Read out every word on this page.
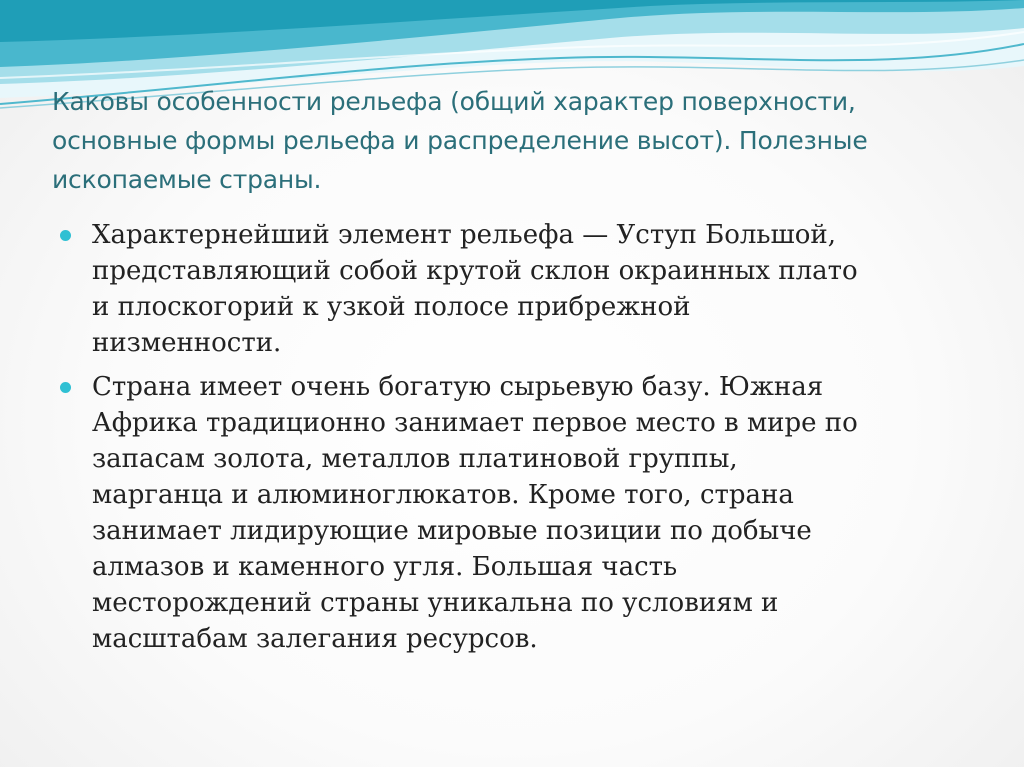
Каковы особенности рельефа (общий характер поверхности,
основные формы рельефа и распределение высот). Полезные
ископаемые страны.
Характернейший элемент рельефа — Уступ Большой,
представляющий собой крутой склон окраинных плато
и плоскогорий к узкой полосе прибрежной
низменности.
Страна имеет очень богатую сырьевую базу. Южная
Африка традиционно занимает первое место в мире по
запасам золота, металлов платиновой группы,
марганца и алюминоглюкатов. Кроме того, страна
занимает лидирующие мировые позиции по добыче
алмазов и каменного угля. Большая часть
месторождений страны уникальна по условиям и
масштабам залегания ресурсов.
